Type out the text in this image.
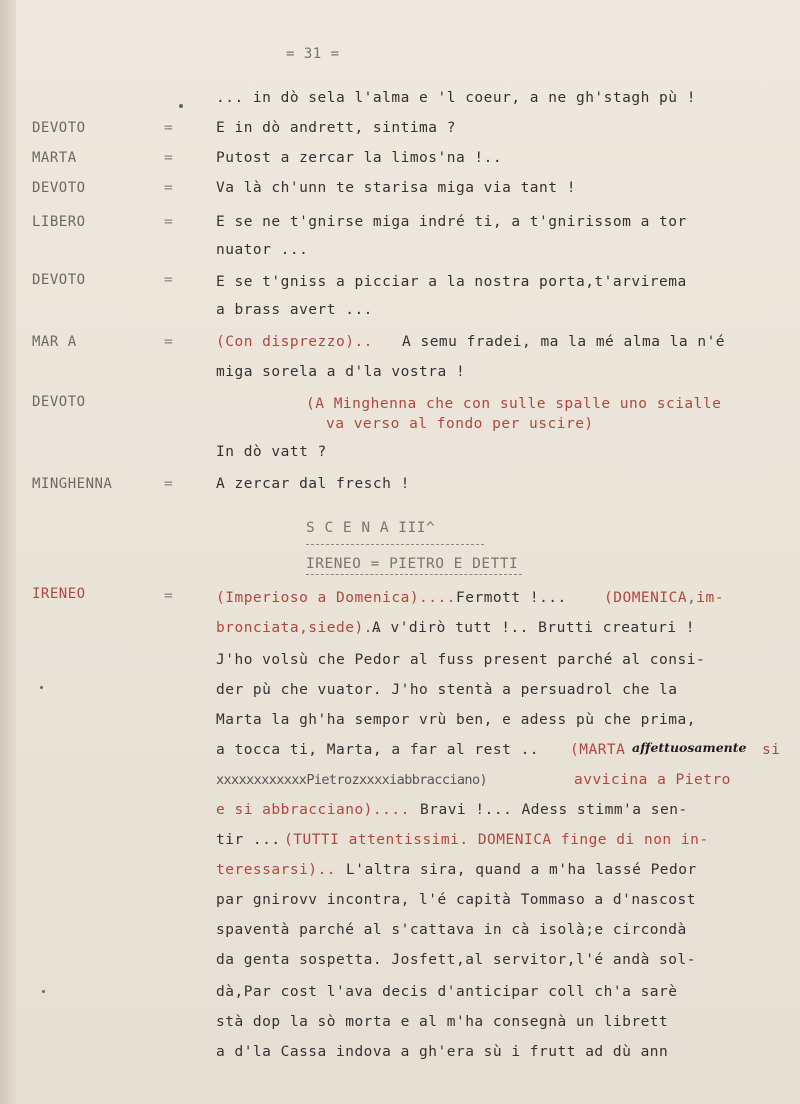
= 31 =
... in dò sela l'alma e 'l coeur, a ne gh'stagh pù !
DEVOTO	=	E in dò andrett, sintima ?
MARTA	=	Putost a zercar la limos'na !..
DEVOTO	=	Va là ch'unn te starisa miga via tant !
LIBERO	=	E se ne t'gnirse miga indré ti, a t'gnirissom a tor
nuator ...
DEVOTO	=	E se t'gniss a picciar a la nostra porta,t'arvirema
a brass avert ...
MAR A	=	(Con disprezzo).. A semu fradei, ma la mé alma la n'é
miga sorela a d'la vostra !
DEVOTO	(A Minghenna che con sulle spalle uno scialle
va verso al fondo per uscire)
In dò vatt ?
MINGHENNA	=	A zercar dal fresch !
S C E N A III^
IRENEO = PIETRO E DETTI
IRENEO	=	(Imperioso a Domenica).... Fermott !...	(DOMENICA,im-
bronciata,siede)..
A v'dirò tutt !.. Brutti creaturi !
J'ho volsù che Pedor al fuss present parché al consi-
der pù che vuator. J'ho stentà a persuadrol che la
Marta la gh'ha sempor vrù ben, e adess pù che prima,
a tocca ti, Marta, a far al rest .. (MARTA affettuosamente si
xxxxxxxxxxxxPietrozxxxxiabbracciano)	avvicina a Pietro
e si abbracciano).... Bravi !... Adess stimm'a sen-
tir ... (TUTTI attentissimi. DOMENICA finge di non in-
teressarsi).. L'altra sira, quand a m'ha lassé Pedor
par gnirovv incontra, l'é capità Tommaso a d'nascost
spaventà parché al s'cattava in cà isolà;e circondà
da genta sospetta. Josfett,al servitor,l'é andà sol-
dà,Par cost l'ava decis d'anticipar coll ch'a sarè
stà dop la sò morta e al m'ha consegnà un librett
a d'la Cassa indova a gh'era sù i frutt ad dù ann
